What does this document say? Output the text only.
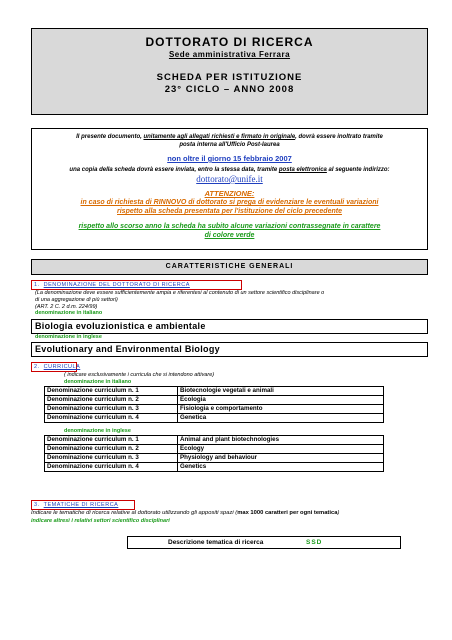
DOTTORATO DI RICERCA
Sede amministrativa Ferrara
SCHEDA PER ISTITUZIONE
23° CICLO – ANNO 2008

Il presente documento, unitamente agli allegati richiesti e firmato in originale, dovrà essere inoltrato tramite

posta interna all'Ufficio Post-laurea

non oltre il giorno 15 febbraio 2007

una copia della scheda dovrà essere inviata, entro la stessa data, tramite posta elettronica al seguente indirizzo:

dottorato@unife.it

ATTENZIONE:

in caso di richiesta di RINNOVO di dottorato si prega di evidenziare le eventuali variazioni

rispetto alla scheda presentata per l'istituzione del ciclo precedente

rispetto allo scorso anno la scheda ha subito alcune variazioni contrassegnate in carattere

di colore verde

CARATTERISTICHE GENERALI
1. DENOMINAZIONE DEL DOTTORATO DI RICERCA
(La denominazione deve essere sufficientemente ampia e riferentesi al contenuto di un settore scientifico disciplinare o
di una aggregazione di più settori)
(ART. 2 C. 2 d.m. 224/99)
denominazione in italiano
Biologia evoluzionistica e ambientale
denominazione in inglese
Evolutionary and Environmental Biology
2. CURRICULA
( indicare esclusivamente i curricula che si intendono attivare)
denominazione in italiano
Denominazione curriculum n. 1	Biotecnologie vegetali e animali
Denominazione curriculum n. 2	Ecologia
Denominazione curriculum n. 3	Fisiologia e comportamento
Denominazione curriculum n. 4	Genetica
denominazione in inglese
Denominazione curriculum n. 1	Animal and plant biotechnologies
Denominazione curriculum n. 2	Ecology
Denominazione curriculum n. 3	Physiology and behaviour
Denominazione curriculum n. 4	Genetics
3. TEMATICHE DI RICERCA
Indicare le tematiche di ricerca relative al dottorato utilizzando gli appositi spazi (max 1000 caratteri per ogni tematica)
indicare altresì i relativi settori scientifico disciplinari
Descrizione tematica di ricerca	SSD
